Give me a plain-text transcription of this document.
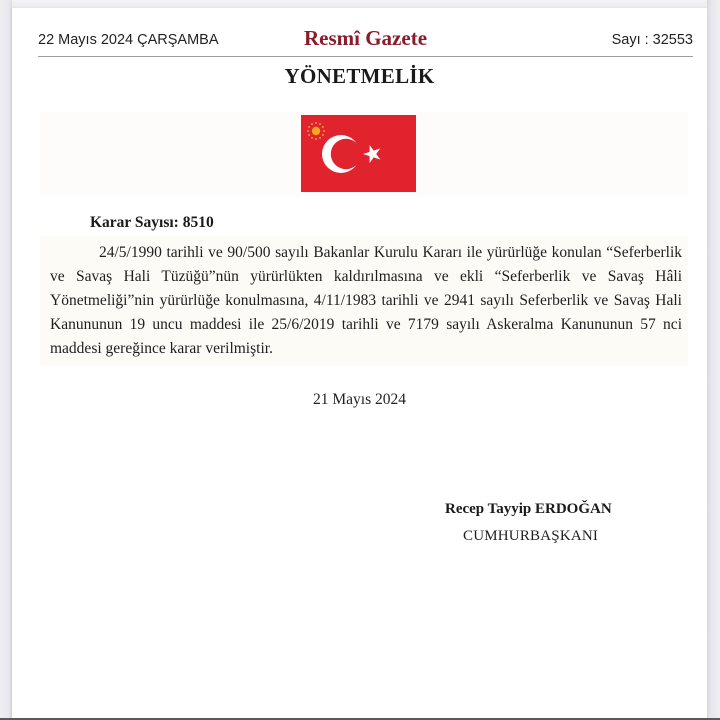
22 Mayıs 2024 ÇARŞAMBA	Resmî Gazete	Sayı : 32553
YÖNETMELİK
Karar Sayısı: 8510
24/5/1990 tarihli ve 90/500 sayılı Bakanlar Kurulu Kararı ile yürürlüğe konulan “Seferberlik ve Savaş Hali Tüzüğü”nün yürürlükten kaldırılmasına ve ekli “Seferberlik ve Savaş Hâli Yönetmeliği”nin yürürlüğe konulmasına, 4/11/1983 tarihli ve 2941 sayılı Seferberlik ve Savaş Hali Kanununun 19 uncu maddesi ile 25/6/2019 tarihli ve 7179 sayılı Askeralma Kanununun 57 nci maddesi gereğince karar verilmiştir.
21 Mayıs 2024
Recep Tayyip ERDOĞAN
CUMHURBAŞKANI
